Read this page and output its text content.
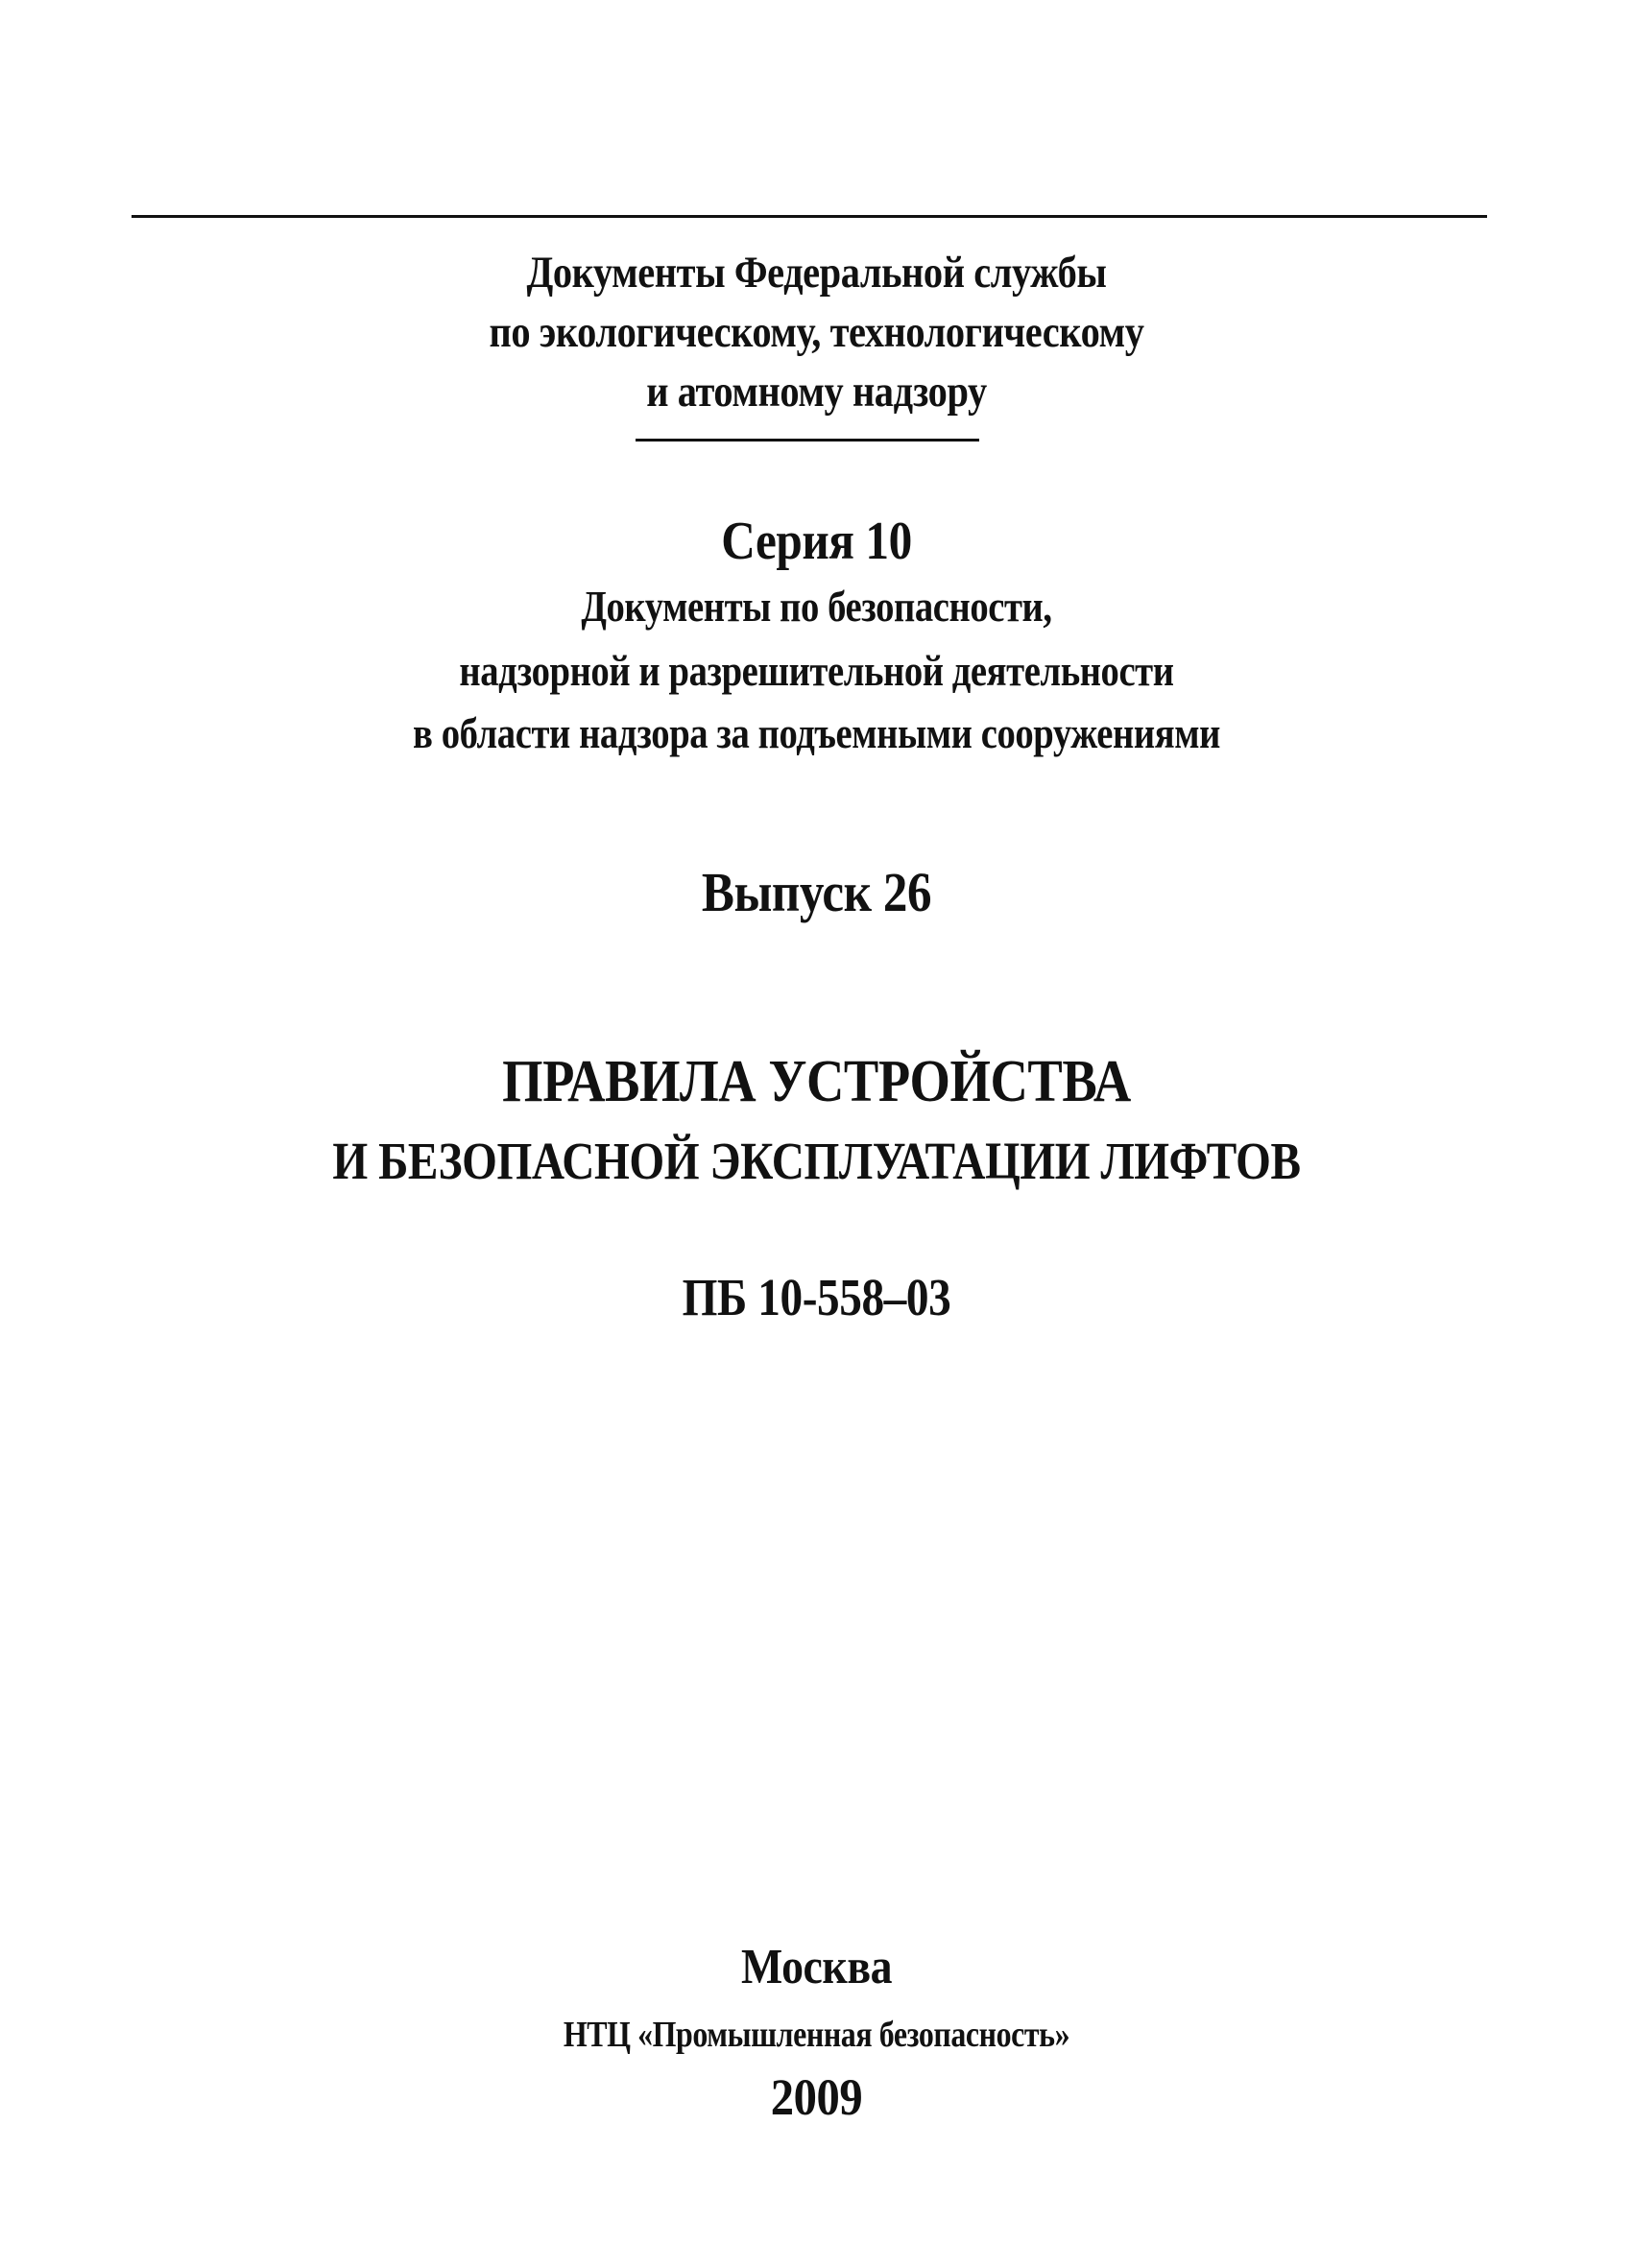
Документы Федеральной службы
по экологическому, технологическому
и атомному надзору
Серия 10
Документы по безопасности,
надзорной и разрешительной деятельности
в области надзора за подъемными сооружениями
Выпуск 26
ПРАВИЛА УСТРОЙСТВА
И БЕЗОПАСНОЙ ЭКСПЛУАТАЦИИ ЛИФТОВ
ПБ 10-558–03
Москва
НТЦ «Промышленная безопасность»
2009
